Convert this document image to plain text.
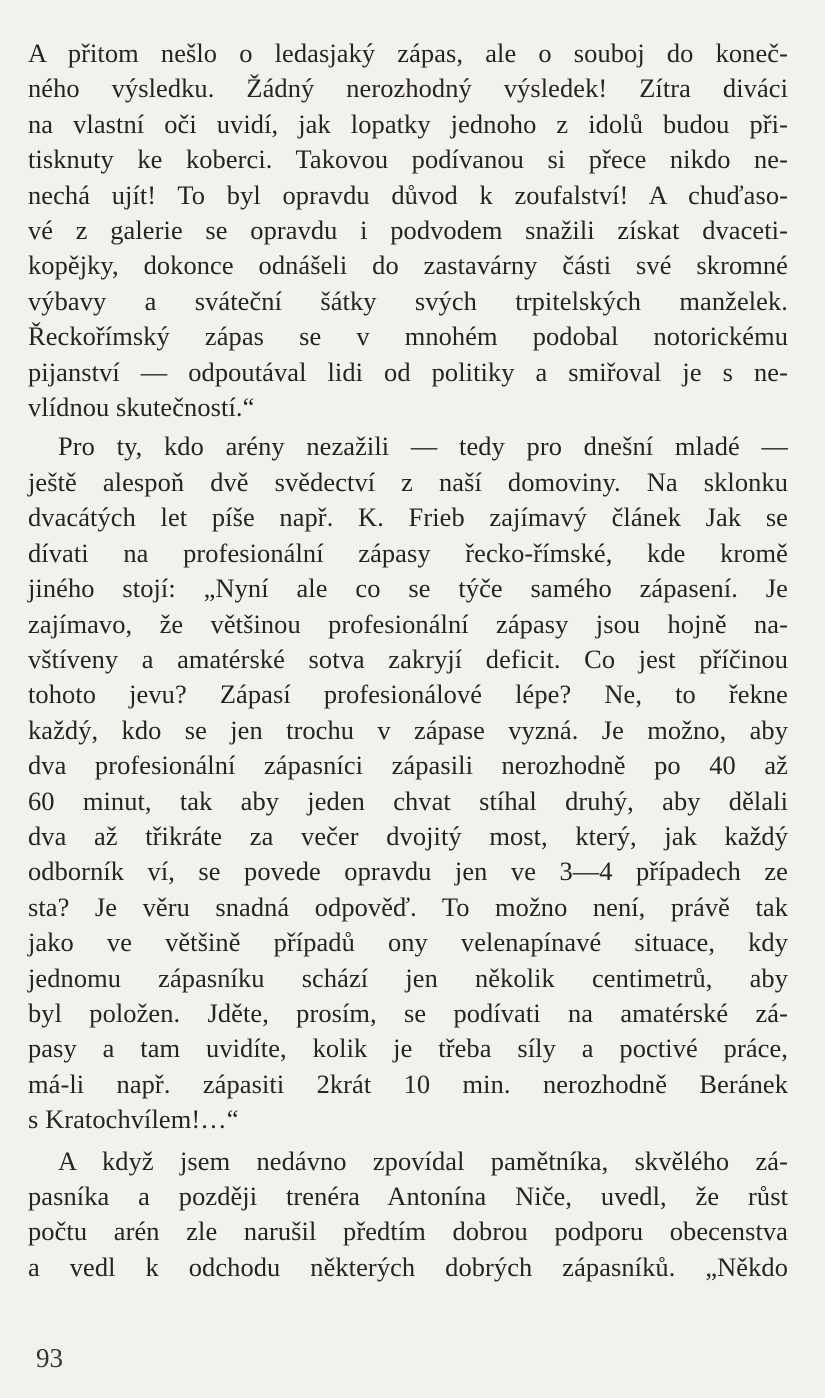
A přitom nešlo o ledasjaký zápas, ale o souboj do koneč-
ného výsledku. Žádný nerozhodný výsledek! Zítra diváci
na vlastní oči uvidí, jak lopatky jednoho z idolů budou při-
tisknuty ke koberci. Takovou podívanou si přece nikdo ne-
nechá ujít! To byl opravdu důvod k zoufalství! A chuďaso-
vé z galerie se opravdu i podvodem snažili získat dvaceti-
kopějky, dokonce odnášeli do zastavárny části své skromné
výbavy a sváteční šátky svých trpitelských manželek.
Řeckořímský zápas se v mnohém podobal notorickému
pijanství — odpoutával lidi od politiky a smiřoval je s ne-
vlídnou skutečností.“

Pro ty, kdo arény nezažili — tedy pro dnešní mladé —
ještě alespoň dvě svědectví z naší domoviny. Na sklonku
dvacátých let píše např. K. Frieb zajímavý článek Jak se
dívati na profesionální zápasy řecko-římské, kde kromě
jiného stojí: „Nyní ale co se týče samého zápasení. Je
zajímavo, že většinou profesionální zápasy jsou hojně na-
vštíveny a amatérské sotva zakryjí deficit. Co jest příčinou
tohoto jevu? Zápasí profesionálové lépe? Ne, to řekne
každý, kdo se jen trochu v zápase vyzná. Je možno, aby
dva profesionální zápasníci zápasili nerozhodně po 40 až
60 minut, tak aby jeden chvat stíhal druhý, aby dělali
dva až třikráte za večer dvojitý most, který, jak každý
odborník ví, se povede opravdu jen ve 3—4 případech ze
sta? Je věru snadná odpověď. To možno není, právě tak
jako ve většině případů ony velenapínavé situace, kdy
jednomu zápasníku schází jen několik centimetrů, aby
byl položen. Jděte, prosím, se podívati na amatérské zá-
pasy a tam uvidíte, kolik je třeba síly a poctivé práce,
má-li např. zápasiti 2krát 10 min. nerozhodně Beránek
s Kratochvílem!…“

A když jsem nedávno zpovídal pamětníka, skvělého zá-
pasníka a později trenéra Antonína Niče, uvedl, že růst
počtu arén zle narušil předtím dobrou podporu obecenstva
a vedl k odchodu některých dobrých zápasníků. „Někdo

93
